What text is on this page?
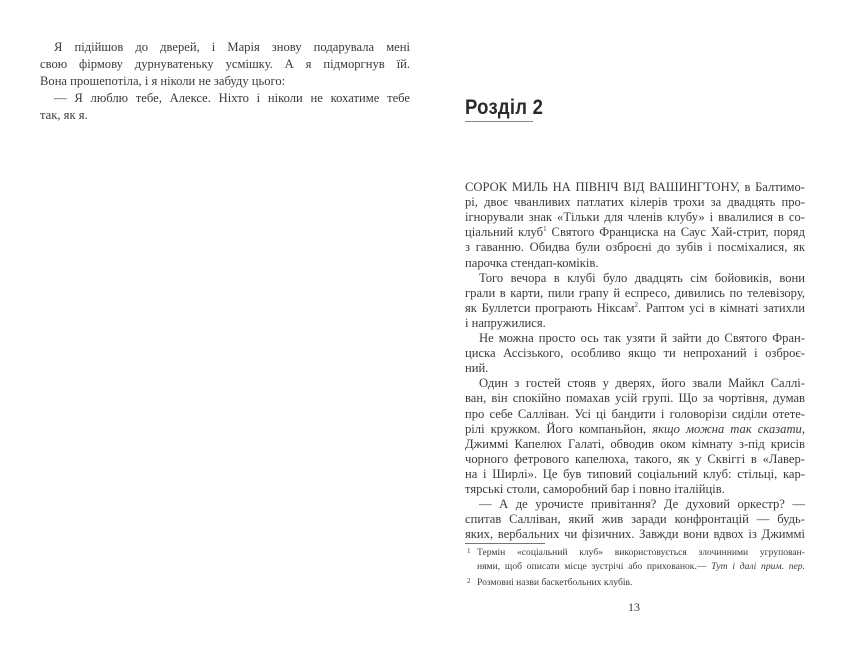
Я підійшов до дверей, і Марія знову подарувала мені
свою фірмову дурнуватеньку усмішку. А я підморгнув їй.
Вона прошепотіла, і я ніколи не забуду цього:
— Я люблю тебе, Алексе. Ніхто і ніколи не кохатиме тебе
так, як я.	Розділ 2
13
СОРОК МИЛЬ НА ПІВНІЧ ВІД ВАШИНГТОНУ, в Балтимо-
рі, двоє чванливих патлатих кілерів трохи за двадцять про-
ігнорували знак «Тільки для членів клубу» і ввалилися в со-
ціальний клуб$^1$ Святого Франциска на Саус Хай-стрит, поряд
з гаванню. Обидва були озброєні до зубів і посміхалися, як
парочка стендап-коміків.
Того вечора в клубі було двадцять сім бойовиків, вони
грали в карти, пили грапу й еспресо, дивились по телевізору,
як Буллетси програють Ніксам$^2$. Раптом усі в кімнаті затихли
і напружилися.
Не можна просто ось так узяти й зайти до Святого Фран-
циска Ассізького, особливо якщо ти непроханий і озброє-
ний.
Один з гостей стояв у дверях, його звали Майкл Саллі-
ван, він спокійно помахав усій групі. Що за чортівня, думав
про себе Салліван. Усі ці бандити і головорізи сиділи отете-
рілі кружком. Його компаньйон, якщо можна так сказати,
Джиммі Капелюх Галаті, обводив оком кімнату з-під крисів
чорного фетрового капелюха, такого, як у Сквіггі в «Лавер-
на і Ширлі». Це був типовий соціальний клуб: стільці, кар-
тярські столи, саморобний бар і повно італійців.
— А де урочисте привітання? Де духовий оркестр? —
спитав Салліван, який жив заради конфронтацій — будь-
яких, вербальних чи фізичних. Завжди вони вдвох із Джиммі
1 Термін «соціальний клуб» використовується злочинними угрупован-
нями, щоб описати місце зустрічі або прихованок.— Тут і далі прим. пер.
2 Розмовні назви баскетбольних клубів.
